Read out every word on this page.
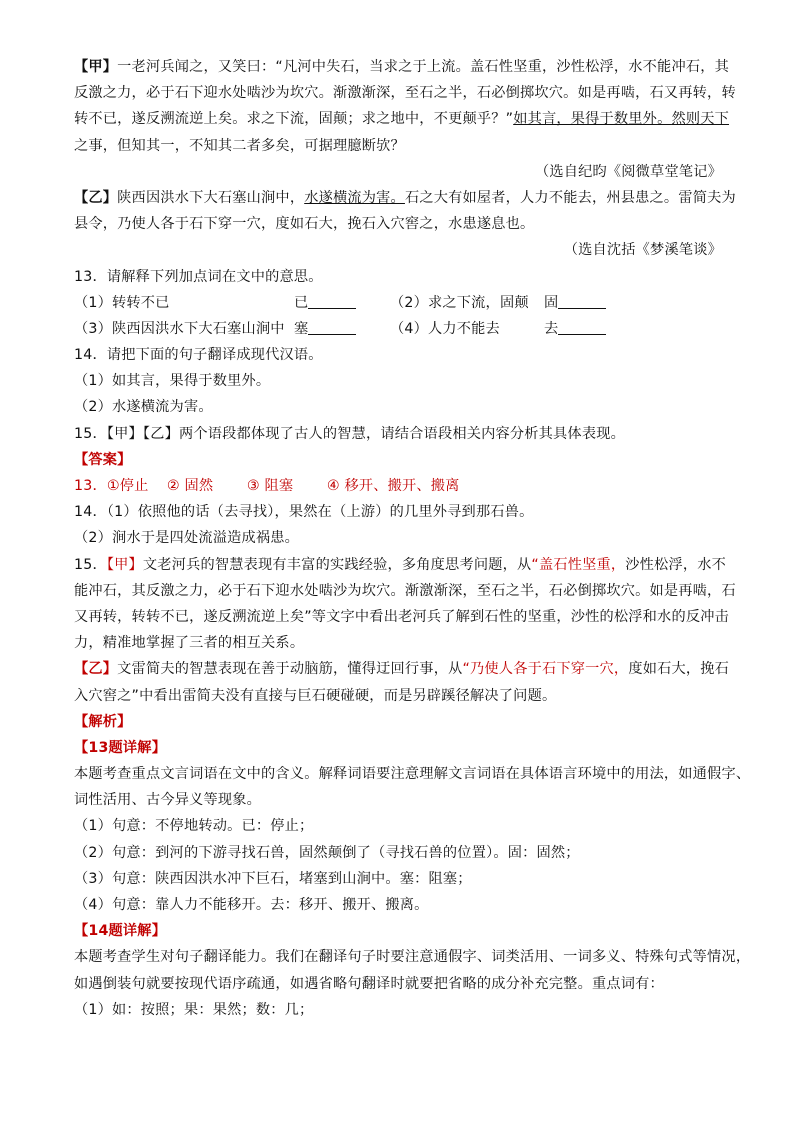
【甲】一老河兵闻之，又笑曰：“凡河中失石，当求之于上流。盖石性坚重，沙性松浮，水不能冲石，其
反激之力，必于石下迎水处啮沙为坎穴。渐激渐深，至石之半，石必倒掷坎穴。如是再啮，石又再转，转
转不已，遂反溯流逆上矣。求之下流，固颠；求之地中，不更颠乎？”如其言，果得于数里外。然则天下
之事，但知其一，不知其二者多矣，可据理臆断欤？
（选自纪昀《阅微草堂笔记》
【乙】陕西因洪水下大石塞山涧中，水遂横流为害。石之大有如屋者，人力不能去，州县患之。雷简夫为
县令，乃使人各于石下穿一穴，度如石大，挽石入穴窖之，水患遂息也。
（选自沈括《梦溪笔谈》
13．请解释下列加点词在文中的意思。
（1）转转不已	已	（2）求之下流，固颠 固
（3）陕西因洪水下大石塞山涧中 塞	（4）人力不能去	去
14．请把下面的句子翻译成现代汉语。
（1）如其言，果得于数里外。
（2）水遂横流为害。
15．【甲】【乙】两个语段都体现了古人的智慧，请结合语段相关内容分析其具体表现。
【答案】
13．①停止 ② 固然 ③ 阻塞 ④ 移开、搬开、搬离
14．（1）依照他的话（去寻找），果然在（上游）的几里外寻到那石兽。
（2）涧水于是四处流溢造成祸患。
15．【甲】文老河兵的智慧表现有丰富的实践经验，多角度思考问题，从“盖石性坚重，沙性松浮，水不
能冲石，其反激之力，必于石下迎水处啮沙为坎穴。渐激渐深，至石之半，石必倒掷坎穴。如是再啮，石
又再转，转转不已，遂反溯流逆上矣”等文字中看出老河兵了解到石性的坚重，沙性的松浮和水的反冲击
力，精准地掌握了三者的相互关系。
【乙】文雷简夫的智慧表现在善于动脑筋，懂得迂回行事，从“乃使人各于石下穿一穴，度如石大，挽石
入穴窖之”中看出雷简夫没有直接与巨石硬碰硬，而是另辟蹊径解决了问题。
【解析】
【13题详解】
本题考查重点文言词语在文中的含义。解释词语要注意理解文言词语在具体语言环境中的用法，如通假字、
词性活用、古今异义等现象。
（1）句意：不停地转动。已：停止；
（2）句意：到河的下游寻找石兽，固然颠倒了（寻找石兽的位置）。固：固然；
（3）句意：陕西因洪水冲下巨石，堵塞到山涧中。塞：阻塞；
（4）句意：靠人力不能移开。去：移开、搬开、搬离。
【14题详解】
本题考查学生对句子翻译能力。我们在翻译句子时要注意通假字、词类活用、一词多义、特殊句式等情况，
如遇倒装句就要按现代语序疏通，如遇省略句翻译时就要把省略的成分补充完整。重点词有：
（1）如：按照；果：果然；数：几；
